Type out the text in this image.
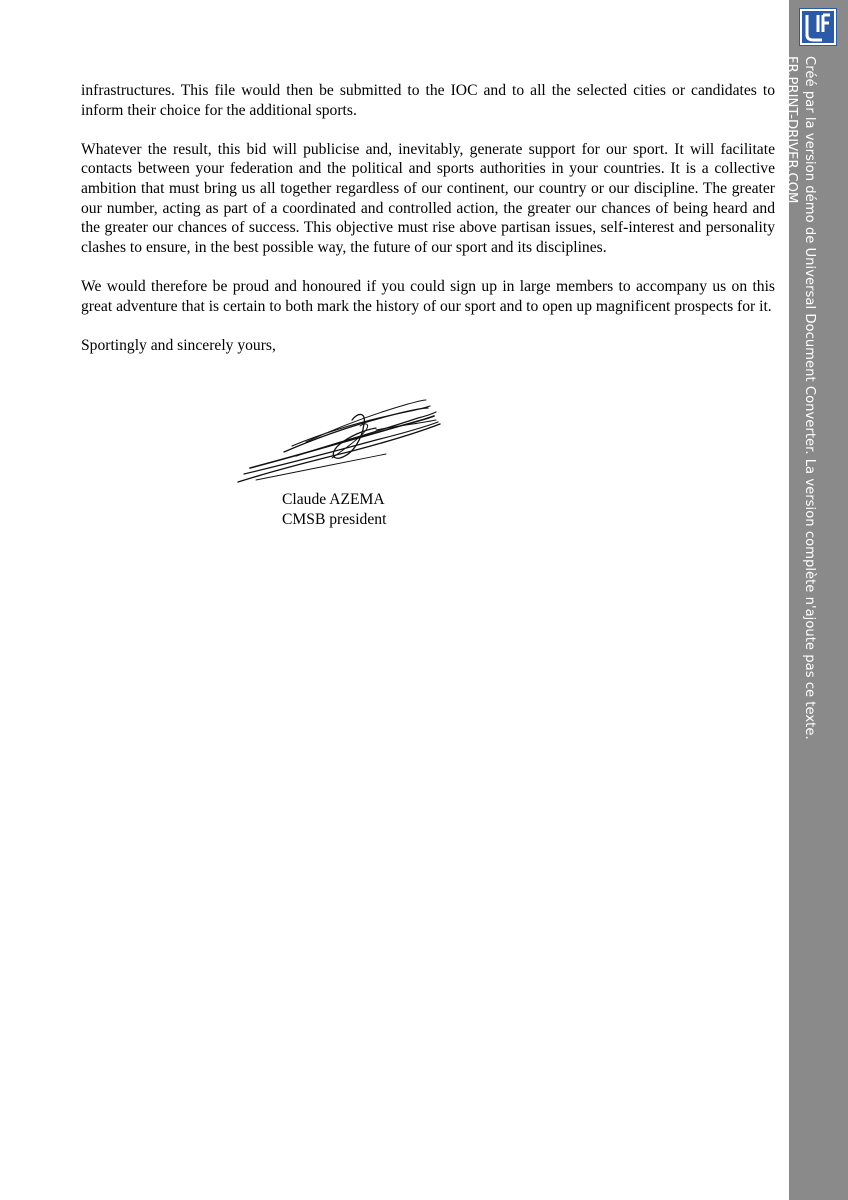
infrastructures. This file would then be submitted to the IOC and to all the selected cities or candidates to inform their choice for the additional sports.

Whatever the result, this bid will publicise and, inevitably, generate support for our sport. It will facilitate contacts between your federation and the political and sports authorities in your countries. It is a collective ambition that must bring us all together regardless of our continent, our country or our discipline. The greater our number, acting as part of a coordinated and controlled action, the greater our chances of being heard and the greater our chances of success. This objective must rise above partisan issues, self-interest and personality clashes to ensure, in the best possible way, the future of our sport and its disciplines.

We would therefore be proud and honoured if you could sign up in large members to accompany us on this great adventure that is certain to both mark the history of our sport and to open up magnificent prospects for it.

Sportingly and sincerely yours,

Claude AZEMA
CMSB president	Créé par la version démo de Universal Document Converter. La version complète n'ajoute pas ce texte.
FR.PRINT-DRIVER.COM
